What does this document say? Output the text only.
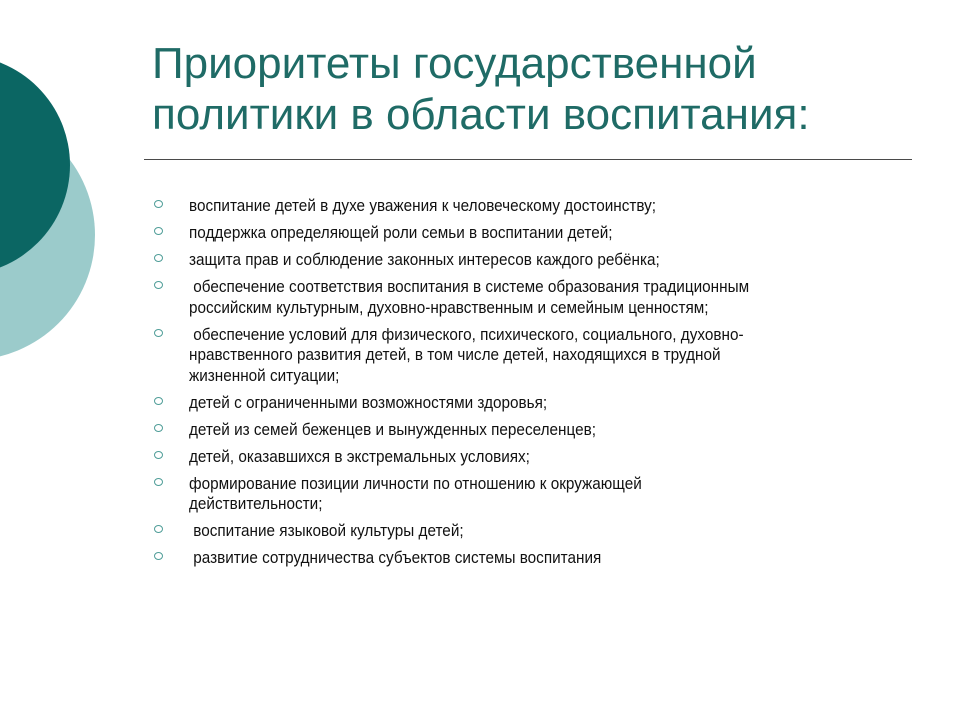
Приоритеты государственной
политики в области воспитания:
воспитание детей в духе уважения к человеческому достоинству;
поддержка определяющей роли семьи в воспитании детей;
защита прав и соблюдение законных интересов каждого ребёнка;
обеспечение соответствия воспитания в системе образования традиционным
российским культурным, духовно-нравственным и семейным ценностям;
обеспечение условий для физического, психического, социального, духовно-
нравственного развития детей, в том числе детей, находящихся в трудной
жизненной ситуации;
детей с ограниченными возможностями здоровья;
детей из семей беженцев и вынужденных переселенцев;
детей, оказавшихся в экстремальных условиях;
формирование позиции личности по отношению к окружающей
действительности;
воспитание языковой культуры детей;
развитие сотрудничества субъектов системы воспитания
